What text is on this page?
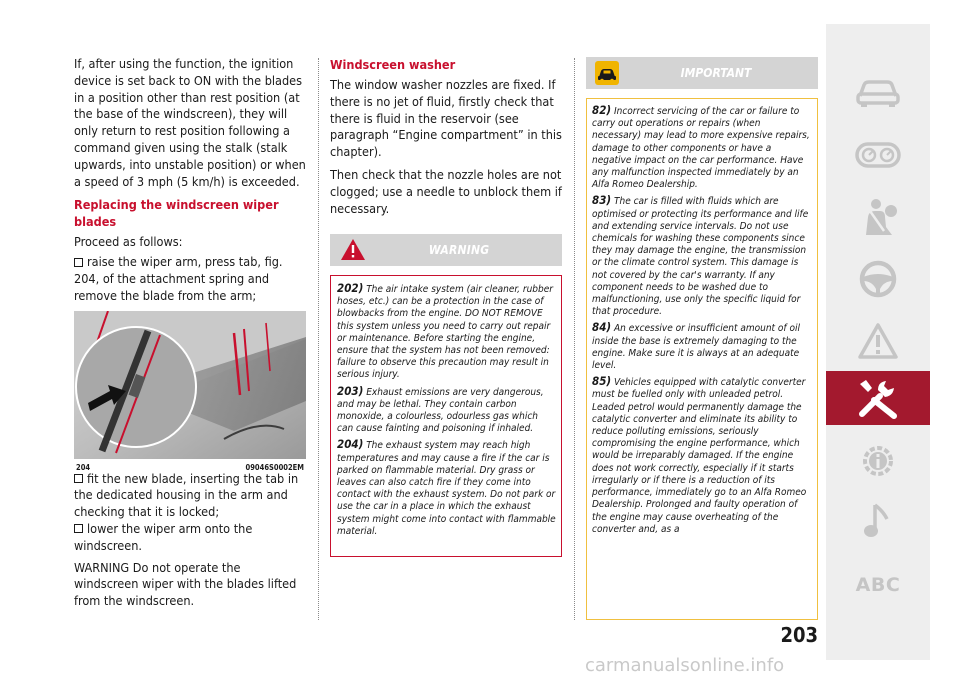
If, after using the function, the ignition device is set back to ON with the blades in a position other than rest position (at the base of the windscreen), they will only return to rest position following a command given using the stalk (stalk upwards, into unstable position) or when a speed of 3 mph (5 km/h) is exceeded.

Replacing the windscreen wiper blades

Proceed as follows:

raise the wiper arm, press tab, fig. 204, of the attachment spring and remove the blade from the arm;

204	09046S0002EM

fit the new blade, inserting the tab in the dedicated housing in the arm and checking that it is locked;

lower the wiper arm onto the windscreen.

WARNING Do not operate the windscreen wiper with the blades lifted from the windscreen.

Windscreen washer

The window washer nozzles are fixed. If there is no jet of fluid, firstly check that there is fluid in the reservoir (see paragraph “Engine compartment” in this chapter).

Then check that the nozzle holes are not clogged; use a needle to unblock them if necessary.

WARNING
202) The air intake system (air cleaner, rubber hoses, etc.) can be a protection in the case of blowbacks from the engine. DO NOT REMOVE this system unless you need to carry out repair or maintenance. Before starting the engine, ensure that the system has not been removed: failure to observe this precaution may result in serious injury.
203) Exhaust emissions are very dangerous, and may be lethal. They contain carbon monoxide, a colourless, odourless gas which can cause fainting and poisoning if inhaled.
204) The exhaust system may reach high temperatures and may cause a fire if the car is parked on flammable material. Dry grass or leaves can also catch fire if they come into contact with the exhaust system. Do not park or use the car in a place in which the exhaust system might come into contact with flammable material.
IMPORTANT
82) Incorrect servicing of the car or failure to carry out operations or repairs (when necessary) may lead to more expensive repairs, damage to other components or have a negative impact on the car performance. Have any malfunction inspected immediately by an Alfa Romeo Dealership.
83) The car is filled with fluids which are optimised or protecting its performance and life and extending service intervals. Do not use chemicals for washing these components since they may damage the engine, the transmission or the climate control system. This damage is not covered by the car's warranty. If any component needs to be washed due to malfunctioning, use only the specific liquid for that procedure.
84) An excessive or insufficient amount of oil inside the base is extremely damaging to the engine. Make sure it is always at an adequate level.
85) Vehicles equipped with catalytic converter must be fuelled only with unleaded petrol. Leaded petrol would permanently damage the catalytic converter and eliminate its ability to reduce polluting emissions, seriously compromising the engine performance, which would be irreparably damaged. If the engine does not work correctly, especially if it starts irregularly or if there is a reduction of its performance, immediately go to an Alfa Romeo Dealership. Prolonged and faulty operation of the engine may cause overheating of the converter and, as a
203
ABC
carmanualsonline.info
